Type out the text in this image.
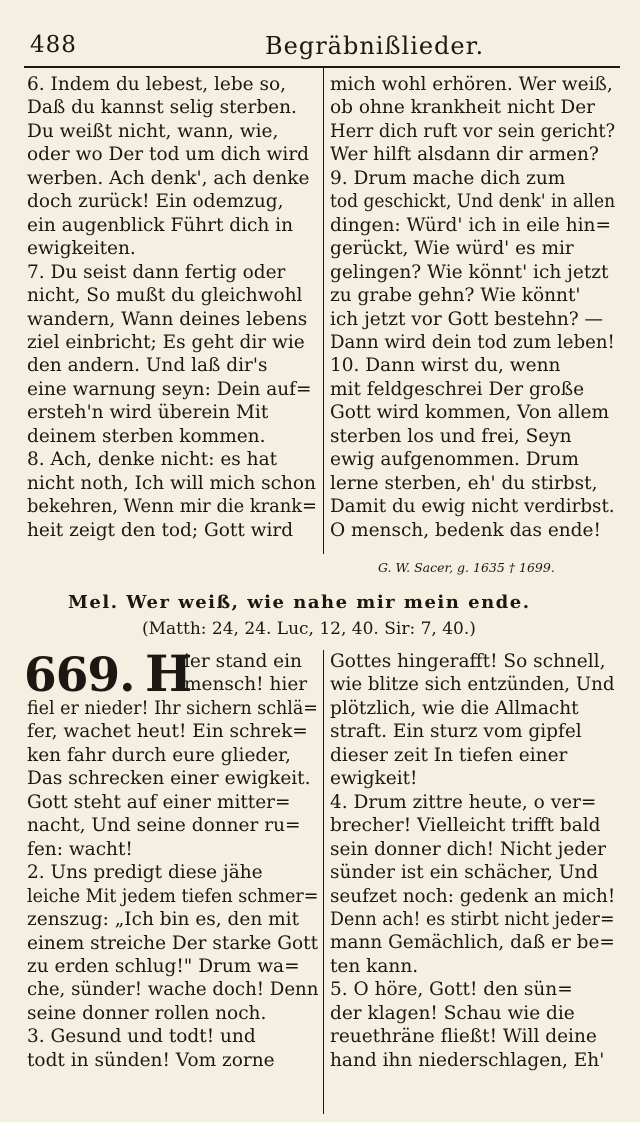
488	Begräbnißlieder.

6. Indem du lebest, lebe so,

Daß du kannst selig sterben.

Du weißt nicht, wann, wie,

oder wo Der tod um dich wird

werben. Ach denk', ach denke

doch zurück! Ein odemzug,

ein augenblick Führt dich in

ewigkeiten.

7. Du seist dann fertig oder

nicht, So mußt du gleichwohl

wandern, Wann deines lebens

ziel einbricht; Es geht dir wie

den andern. Und laß dir's

eine warnung seyn: Dein auf=

ersteh'n wird überein Mit

deinem sterben kommen.

8. Ach, denke nicht: es hat

nicht noth, Ich will mich schon

bekehren, Wenn mir die krank=

heit zeigt den tod; Gott wird

mich wohl erhören. Wer weiß,

ob ohne krankheit nicht Der

Herr dich ruft vor sein gericht?

Wer hilft alsdann dir armen?

9. Drum mache dich zum

tod geschickt, Und denk' in allen

dingen: Würd' ich in eile hin=

gerückt, Wie würd' es mir

gelingen? Wie könnt' ich jetzt

zu grabe gehn? Wie könnt'

ich jetzt vor Gott bestehn? —

Dann wird dein tod zum leben!

10. Dann wirst du, wenn

mit feldgeschrei Der große

Gott wird kommen, Von allem

sterben los und frei, Seyn

ewig aufgenommen. Drum

lerne sterben, eh' du stirbst,

Damit du ewig nicht verdirbst.

O mensch, bedenk das ende!

G. W. Sacer, g. 1635 † 1699.
Mel. Wer weiß, wie nahe mir mein ende.
(Matth: 24, 24. Luc, 12, 40. Sir: 7, 40.)
669. H

ier stand ein

mensch! hier

fiel er nieder! Ihr sichern schlä=

fer, wachet heut! Ein schrek=

ken fahr durch eure glieder,

Das schrecken einer ewigkeit.

Gott steht auf einer mitter=

nacht, Und seine donner ru=

fen: wacht!

2. Uns predigt diese jähe

leiche Mit jedem tiefen schmer=

zenszug: „Ich bin es, den mit

einem streiche Der starke Gott

zu erden schlug!" Drum wa=

che, sünder! wache doch! Denn

seine donner rollen noch.

3. Gesund und todt! und

todt in sünden! Vom zorne

Gottes hingerafft! So schnell,

wie blitze sich entzünden, Und

plötzlich, wie die Allmacht

straft. Ein sturz vom gipfel

dieser zeit In tiefen einer

ewigkeit!

4. Drum zittre heute, o ver=

brecher! Vielleicht trifft bald

sein donner dich! Nicht jeder

sünder ist ein schächer, Und

seufzet noch: gedenk an mich!

Denn ach! es stirbt nicht jeder=

mann Gemächlich, daß er be=

ten kann.

5. O höre, Gott! den sün=

der klagen! Schau wie die

reuethräne fließt! Will deine

hand ihn niederschlagen, Eh'
